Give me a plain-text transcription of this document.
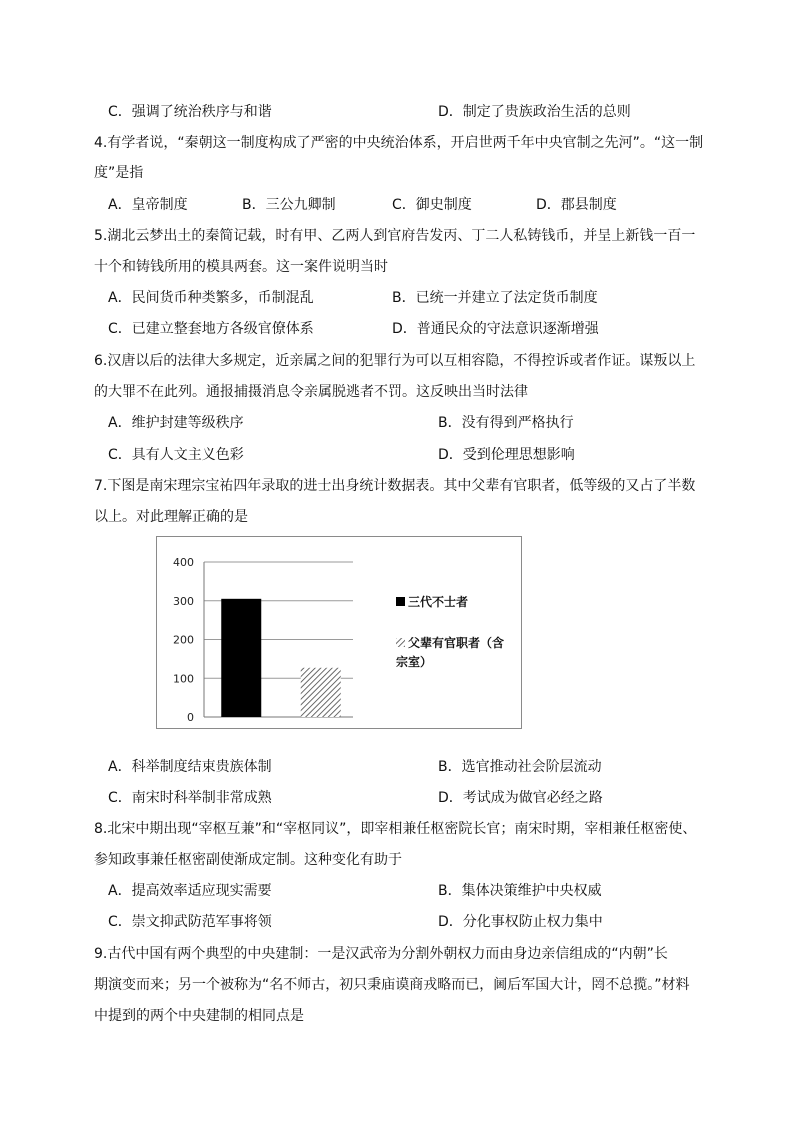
C．强调了统治秩序与和谐	D．制定了贵族政治生活的总则
4.有学者说，“秦朝这一制度构成了严密的中央统治体系，开启世两千年中央官制之先河”。“这一制
度”是指
A．皇帝制度	B．三公九卿制	C．御史制度	D．郡县制度
5.湖北云梦出土的秦简记载，时有甲、乙两人到官府告发丙、丁二人私铸钱币，并呈上新钱一百一
十个和铸钱所用的模具两套。这一案件说明当时
A．民间货币种类繁多，币制混乱	B．已统一并建立了法定货币制度
C．已建立整套地方各级官僚体系	D．普通民众的守法意识逐渐增强
6.汉唐以后的法律大多规定，近亲属之间的犯罪行为可以互相容隐，不得控诉或者作证。谋叛以上
的大罪不在此列。通报捕摄消息令亲属脱逃者不罚。这反映出当时法律
A．维护封建等级秩序	B．没有得到严格执行
C．具有人文主义色彩	D．受到伦理思想影响
7.下图是南宋理宗宝祐四年录取的进士出身统计数据表。其中父辈有官职者，低等级的又占了半数
以上。对此理解正确的是
0
100
200
300
400
三代不士者
父辈有官职者（含
宗室）
A．科举制度结束贵族体制	B．选官推动社会阶层流动
C．南宋时科举制非常成熟	D．考试成为做官必经之路
8.北宋中期出现“宰枢互兼”和“宰枢同议”，即宰相兼任枢密院长官；南宋时期，宰相兼任枢密使、
参知政事兼任枢密副使渐成定制。这种变化有助于
A．提高效率适应现实需要	B．集体决策维护中央权威
C．崇文抑武防范军事将领	D．分化事权防止权力集中
9.古代中国有两个典型的中央建制：一是汉武帝为分割外朝权力而由身边亲信组成的“内朝”长
期演变而来；另一个被称为“名不师古，初只秉庙谟商戎略而已，阃后军国大计，罔不总揽。”材料
中提到的两个中央建制的相同点是
